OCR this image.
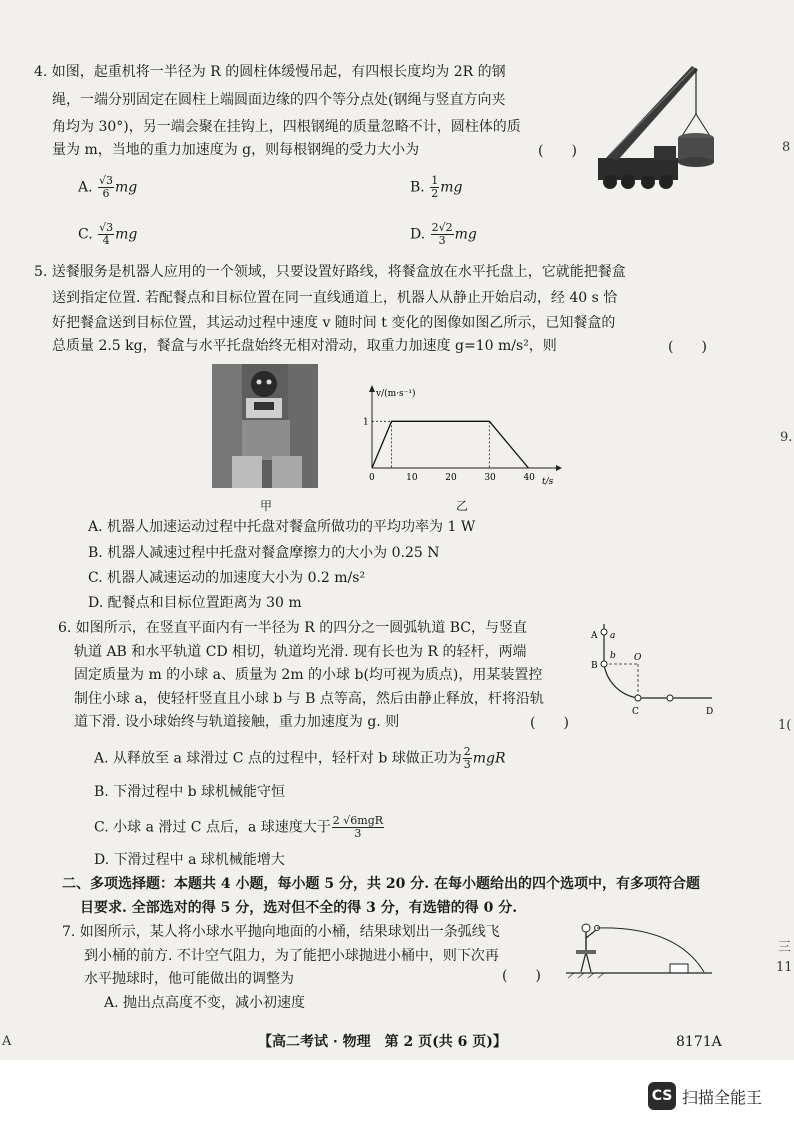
4. 如图，起重机将一半径为 R 的圆柱体缓慢吊起，有四根长度均为 2R 的钢
绳，一端分别固定在圆柱上端圆面边缘的四个等分点处(钢绳与竖直方向夹
角均为 30°)，另一端会聚在挂钩上，四根钢绳的质量忽略不计，圆柱体的质
量为 m，当地的重力加速度为 g，则每根钢绳的受力大小为	(　　)
A. $\frac{√3}{6}$ mg	B. $\frac{1}{2}$ mg
C. $\frac{√3}{4}$ mg	D. $\frac{2√2}{3}$ mg
5. 送餐服务是机器人应用的一个领域，只要设置好路线，将餐盒放在水平托盘上，它就能把餐盒
送到指定位置. 若配餐点和目标位置在同一直线通道上，机器人从静止开始启动，经 40 s 恰
好把餐盒送到目标位置，其运动过程中速度 v 随时间 t 变化的图像如图乙所示，已知餐盒的
总质量 2.5 kg，餐盒与水平托盘始终无相对滑动，取重力加速度 g=10 m/s²，则	(　　)
甲
v/(m·s⁻¹)
t/s
0	10	20	30	40
1
乙
A. 机器人加速运动过程中托盘对餐盒所做功的平均功率为 1 W
B. 机器人减速过程中托盘对餐盒摩擦力的大小为 0.25 N
C. 机器人减速运动的加速度大小为 0.2 m/s²
D. 配餐点和目标位置距离为 30 m
6. 如图所示，在竖直平面内有一半径为 R 的四分之一圆弧轨道 BC，与竖直
轨道 AB 和水平轨道 CD 相切，轨道均光滑. 现有长也为 R 的轻杆，两端
固定质量为 m 的小球 a、质量为 2m 的小球 b(均可视为质点)，用某装置控
制住小球 a，使轻杆竖直且小球 b 与 B 点等高，然后由静止释放，杆将沿轨
道下滑. 设小球始终与轨道接触，重力加速度为 g. 则	(　　)
A a
B
b O
C	D
A. 从释放至 a 球滑过 C 点的过程中，轻杆对 b 球做正功为 $\frac{2}{3}$ mgR
B. 下滑过程中 b 球机械能守恒
C. 小球 a 滑过 C 点后，a 球速度大于 $\frac{\text{2 √6mgR}}{3}$
D. 下滑过程中 a 球机械能增大
二、多项选择题：本题共 4 小题，每小题 5 分，共 20 分. 在每小题给出的四个选项中，有多项符合题
目要求. 全部选对的得 5 分，选对但不全的得 3 分，有选错的得 0 分.
7. 如图所示，某人将小球水平抛向地面的小桶，结果球划出一条弧线飞
到小桶的前方. 不计空气阻力，为了能把小球抛进小桶中，则下次再
水平抛球时，他可能做出的调整为	(　　)
A. 抛出点高度不变，减小初速度
8
9.
1(
三
11
A	【高二考试 · 物理　第 2 页(共 6 页)】	8171A
CS 扫描全能王
